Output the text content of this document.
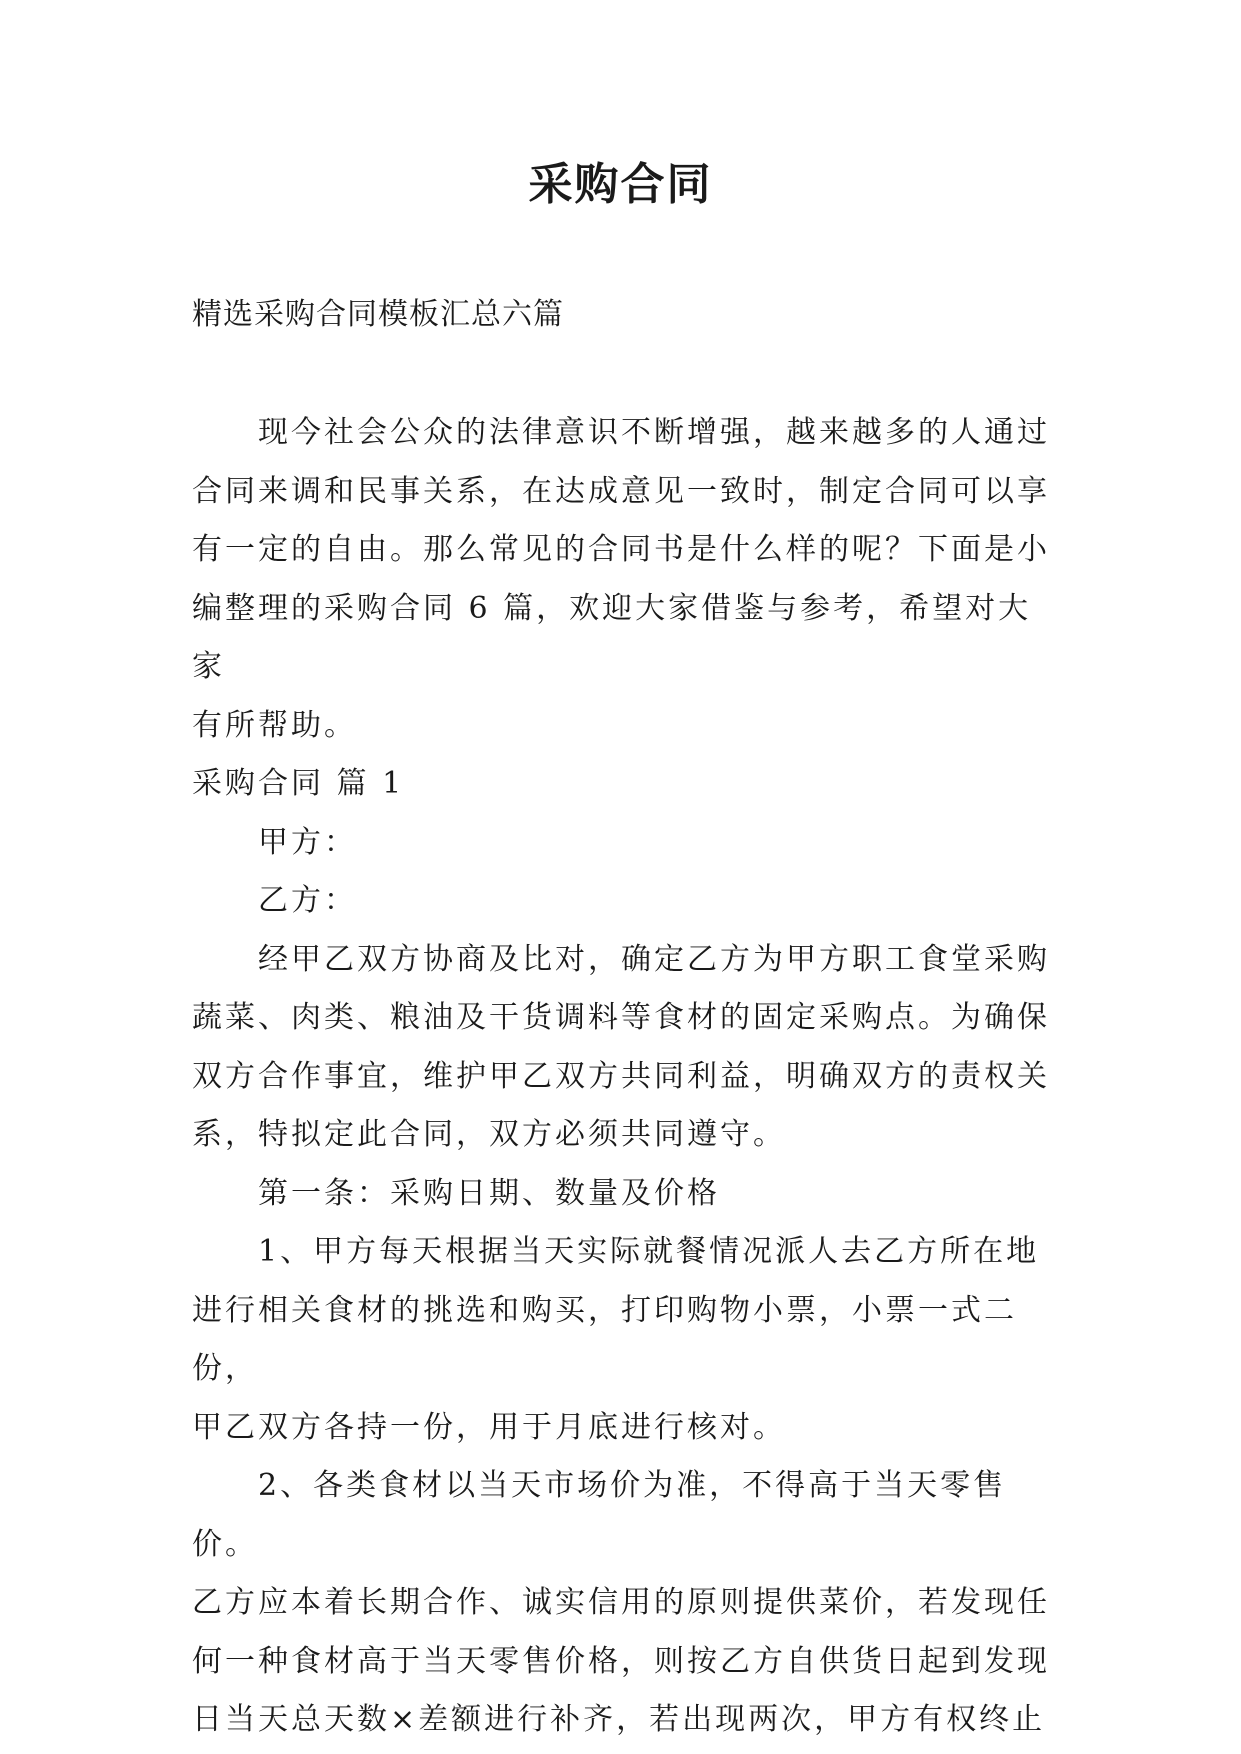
采购合同
精选采购合同模板汇总六篇

现今社会公众的法律意识不断增强，越来越多的人通过
合同来调和民事关系，在达成意见一致时，制定合同可以享
有一定的自由。那么常见的合同书是什么样的呢？下面是小
编整理的采购合同 6 篇，欢迎大家借鉴与参考，希望对大家
有所帮助。

采购合同 篇 1

甲方：

乙方：

经甲乙双方协商及比对，确定乙方为甲方职工食堂采购
蔬菜、肉类、粮油及干货调料等食材的固定采购点。为确保
双方合作事宜，维护甲乙双方共同利益，明确双方的责权关
系，特拟定此合同，双方必须共同遵守。

第一条：采购日期、数量及价格

1、甲方每天根据当天实际就餐情况派人去乙方所在地
进行相关食材的挑选和购买，打印购物小票，小票一式二份，
甲乙双方各持一份，用于月底进行核对。

2、各类食材以当天市场价为准，不得高于当天零售价。
乙方应本着长期合作、诚实信用的原则提供菜价，若发现任
何一种食材高于当天零售价格，则按乙方自供货日起到发现
日当天总天数×差额进行补齐，若出现两次，甲方有权终止
